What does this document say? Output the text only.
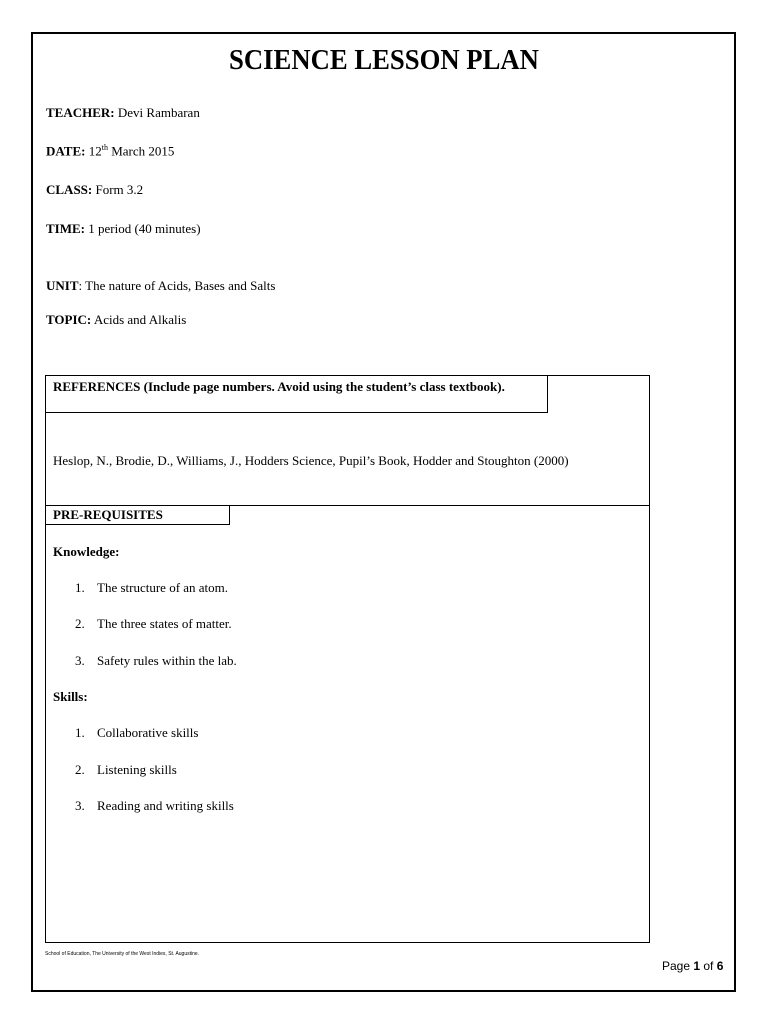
SCIENCE LESSON PLAN
TEACHER: Devi Rambaran
DATE: 12th March 2015
CLASS: Form 3.2
TIME: 1 period (40 minutes)
UNIT: The nature of Acids, Bases and Salts
TOPIC: Acids and Alkalis
REFERENCES (Include page numbers. Avoid using the student’s class textbook).
Heslop, N., Brodie, D., Williams, J., Hodders Science, Pupil’s Book, Hodder and Stoughton (2000)
PRE-REQUISITES
Knowledge:
1. The structure of an atom.
2. The three states of matter.
3. Safety rules within the lab.
Skills:
1. Collaborative skills
2. Listening skills
3. Reading and writing skills
School of Education, The University of the West Indies, St. Augustine.
Page 1 of 6
